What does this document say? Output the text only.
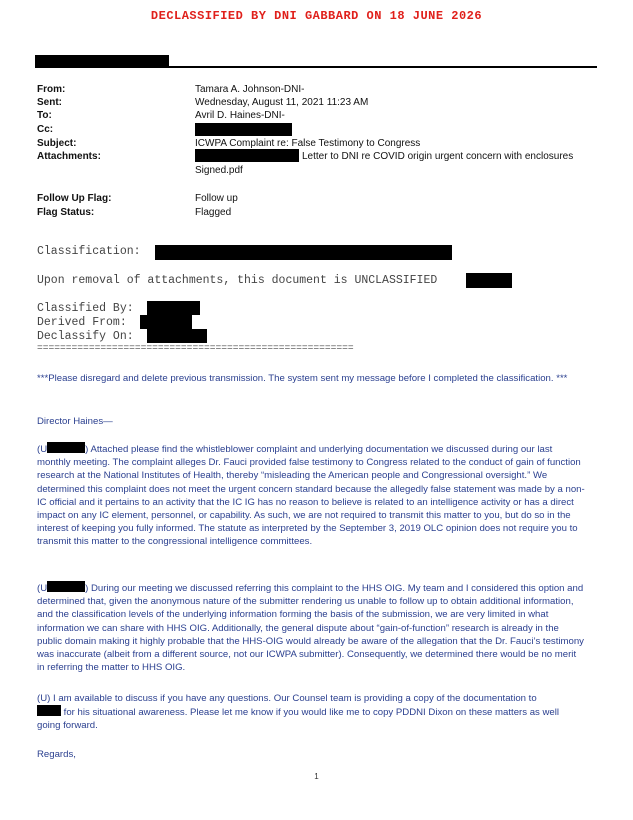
DECLASSIFIED BY DNI GABBARD ON 18 JUNE 2026
From:	Tamara A. Johnson-DNI-
Sent:	Wednesday, August 11, 2021 11:23 AM
To:	Avril D. Haines-DNI-
Cc:
Subject:	ICWPA Complaint re: False Testimony to Congress
Attachments:	Letter to DNI re COVID origin urgent concern with enclosures
Signed.pdf
Follow Up Flag:	Follow up
Flag Status:	Flagged
Classification:
Upon removal of attachments, this document is UNCLASSIFIED
Classified By:
Derived From:
Declassify On:
=======================================================

***Please disregard and delete previous transmission. The system sent my message before I completed the classification. ***

Director Haines—

(U	) Attached please find the whistleblower complaint and underlying documentation we discussed during our last monthly meeting. The complaint alleges Dr. Fauci provided false testimony to Congress related to the conduct of gain of function research at the National Institutes of Health, thereby “misleading the American people and Congressional oversight.” We determined this complaint does not meet the urgent concern standard because the allegedly false statement was made by a non-IC official and it pertains to an activity that the IC IG has no reason to believe is related to an intelligence activity or has a direct impact on any IC element, personnel, or capability. As such, we are not required to transmit this matter to you, but do so in the interest of keeping you fully informed. The statute as interpreted by the September 3, 2019 OLC opinion does not require you to transmit this matter to the congressional intelligence committees.

(U	) During our meeting we discussed referring this complaint to the HHS OIG. My team and I considered this option and determined that, given the anonymous nature of the submitter rendering us unable to follow up to obtain additional information, and the classification levels of the underlying information forming the basis of the submission, we are very limited in what information we can share with HHS OIG. Additionally, the general dispute about “gain-of-function” research is already in the public domain making it highly probable that the HHS-OIG would already be aware of the allegation that the Dr. Fauci’s testimony was inaccurate (albeit from a different source, not our ICWPA submitter). Consequently, we determined there would be no merit in referring the matter to HHS OIG.

(U) I am available to discuss if you have any questions. Our Counsel team is providing a copy of the documentation to
for his situational awareness. Please let me know if you would like me to copy PDDNI Dixon on these matters as well going forward.

Regards,
1
